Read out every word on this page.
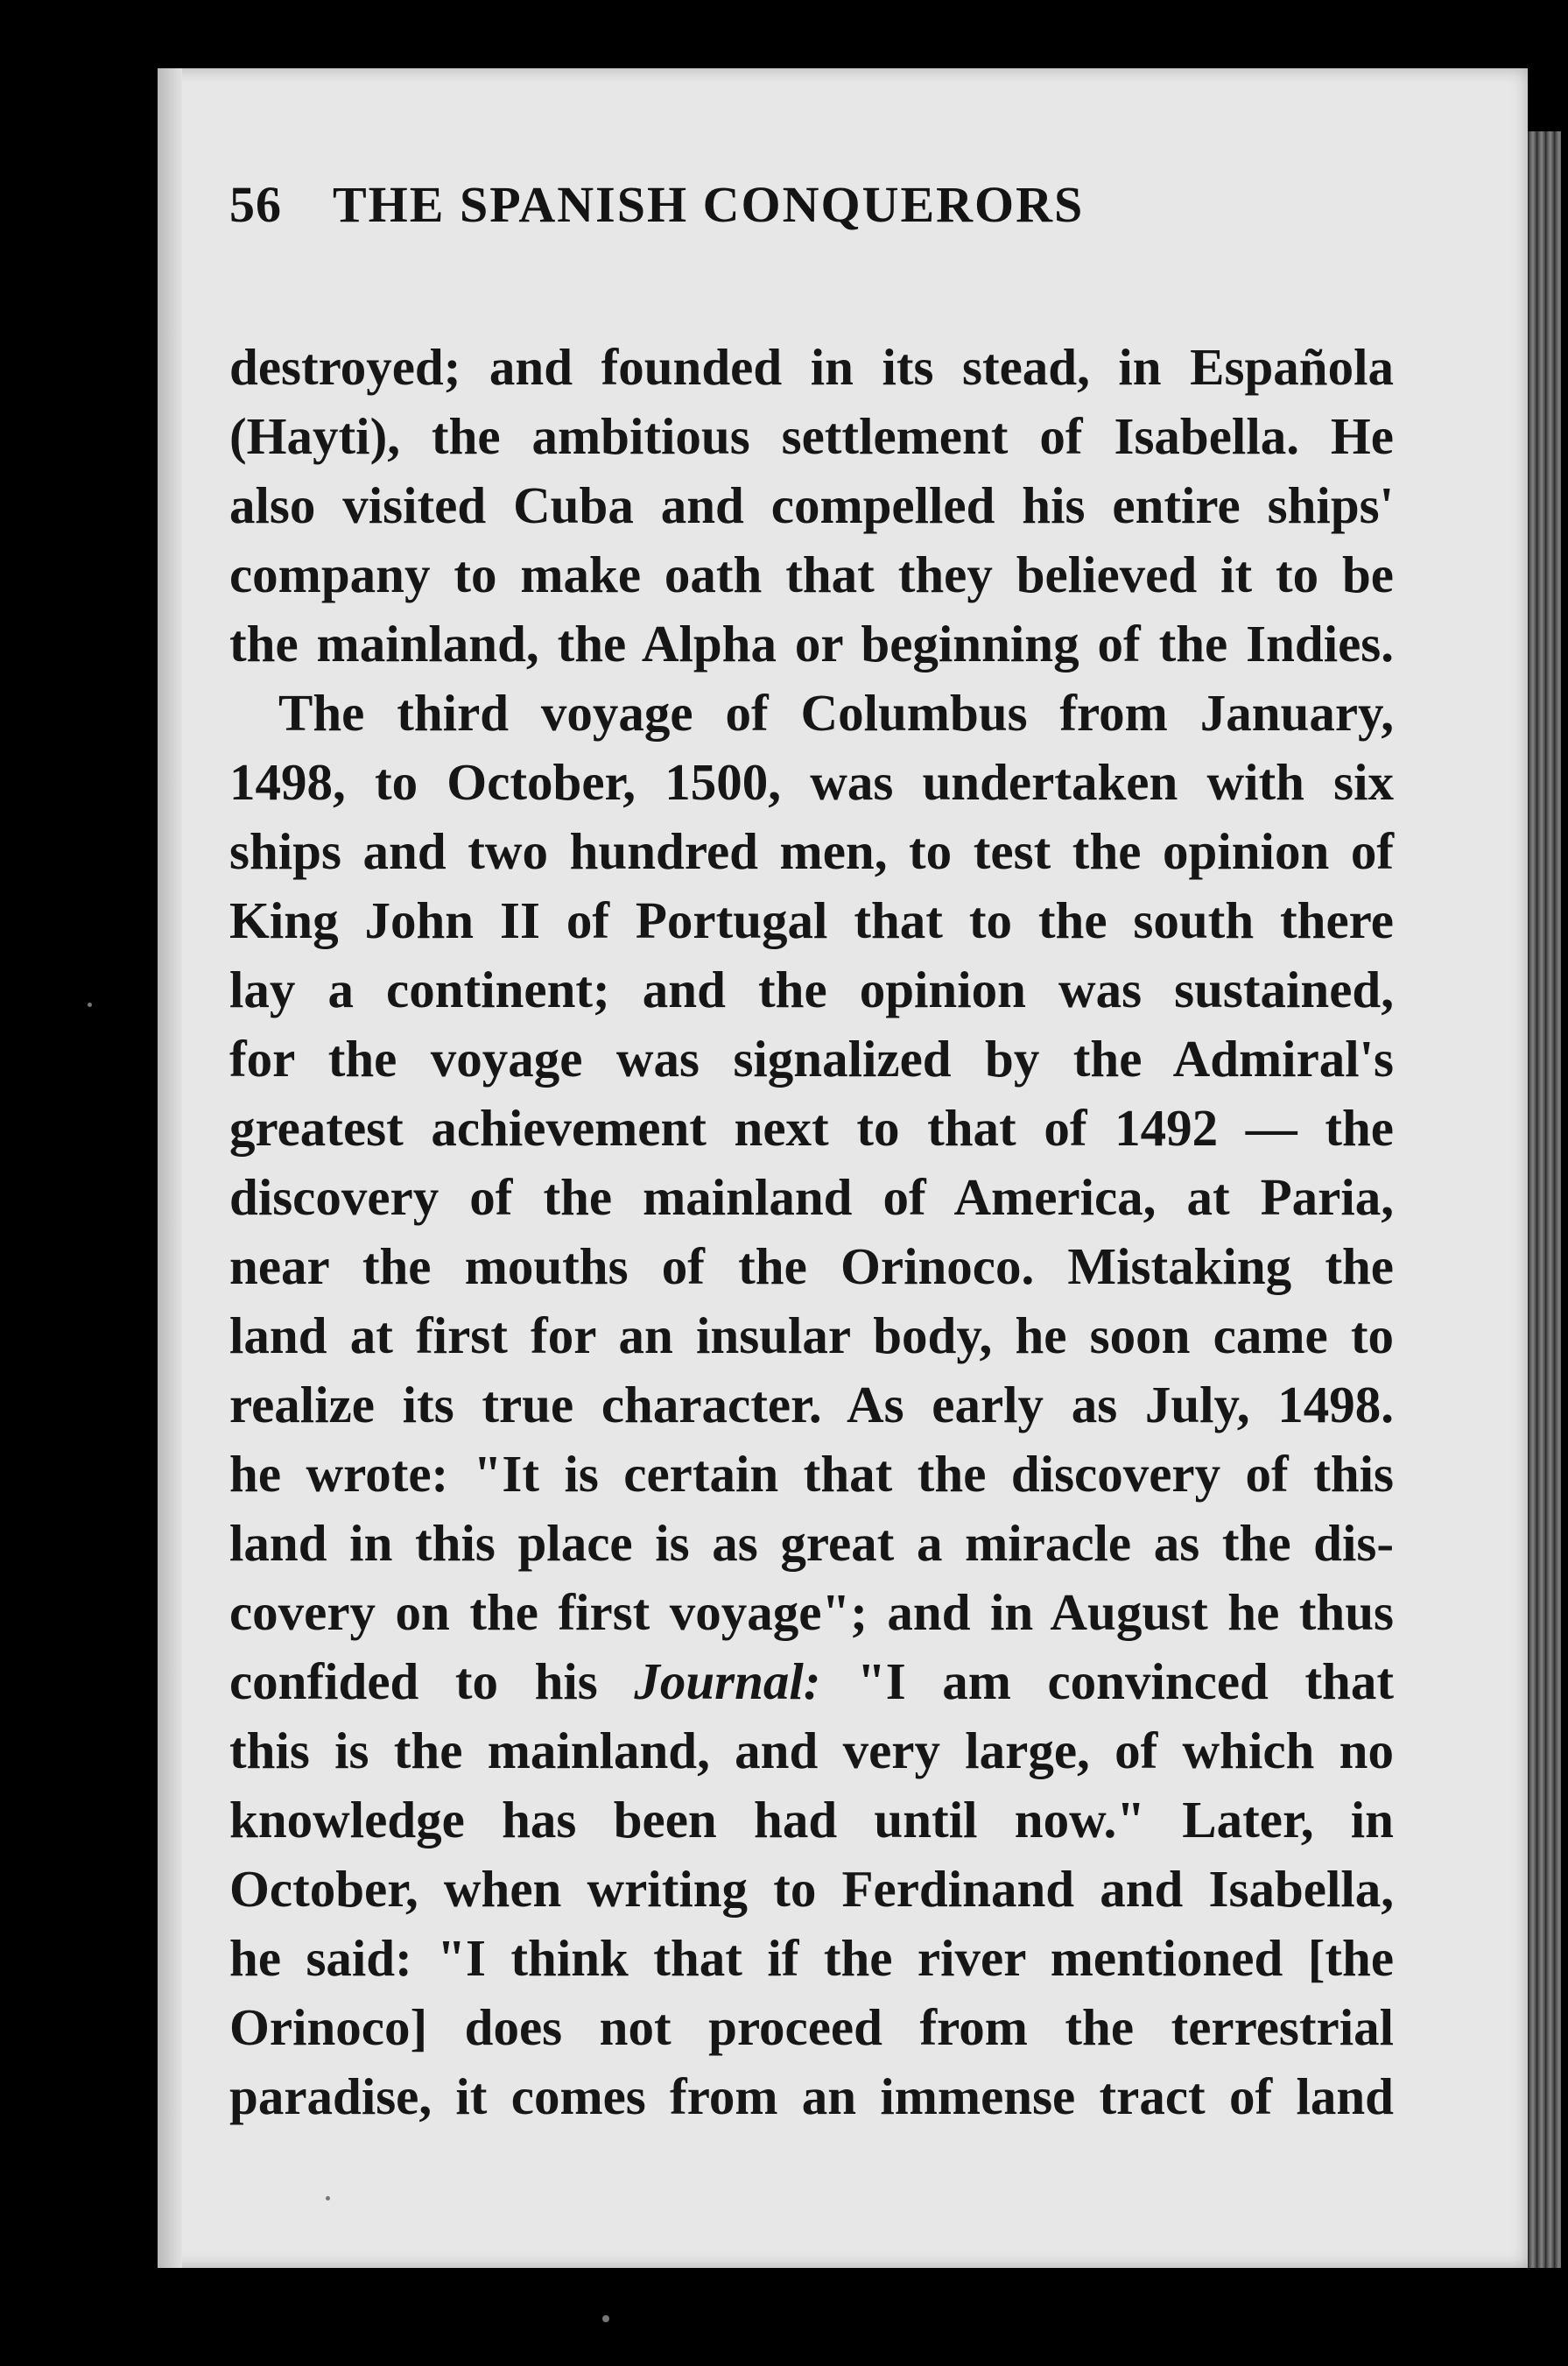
56 THE SPANISH CONQUERORS
destroyed; and founded in its stead, in Española
(Hayti), the ambitious settlement of Isabella. He
also visited Cuba and compelled his entire ships'
company to make oath that they believed it to be
the mainland, the Alpha or beginning of the Indies.
The third voyage of Columbus from January,
1498, to October, 1500, was undertaken with six
ships and two hundred men, to test the opinion of
King John II of Portugal that to the south there
lay a continent; and the opinion was sustained,
for the voyage was signalized by the Admiral's
greatest achievement next to that of 1492 — the
discovery of the mainland of America, at Paria,
near the mouths of the Orinoco. Mistaking the
land at first for an insular body, he soon came to
realize its true character. As early as July, 1498.
he wrote: "It is certain that the discovery of this
land in this place is as great a miracle as the dis-
covery on the first voyage"; and in August he thus
confided to his Journal: "I am convinced that
this is the mainland, and very large, of which no
knowledge has been had until now." Later, in
October, when writing to Ferdinand and Isabella,
he said: "I think that if the river mentioned [the
Orinoco] does not proceed from the terrestrial
paradise, it comes from an immense tract of land
